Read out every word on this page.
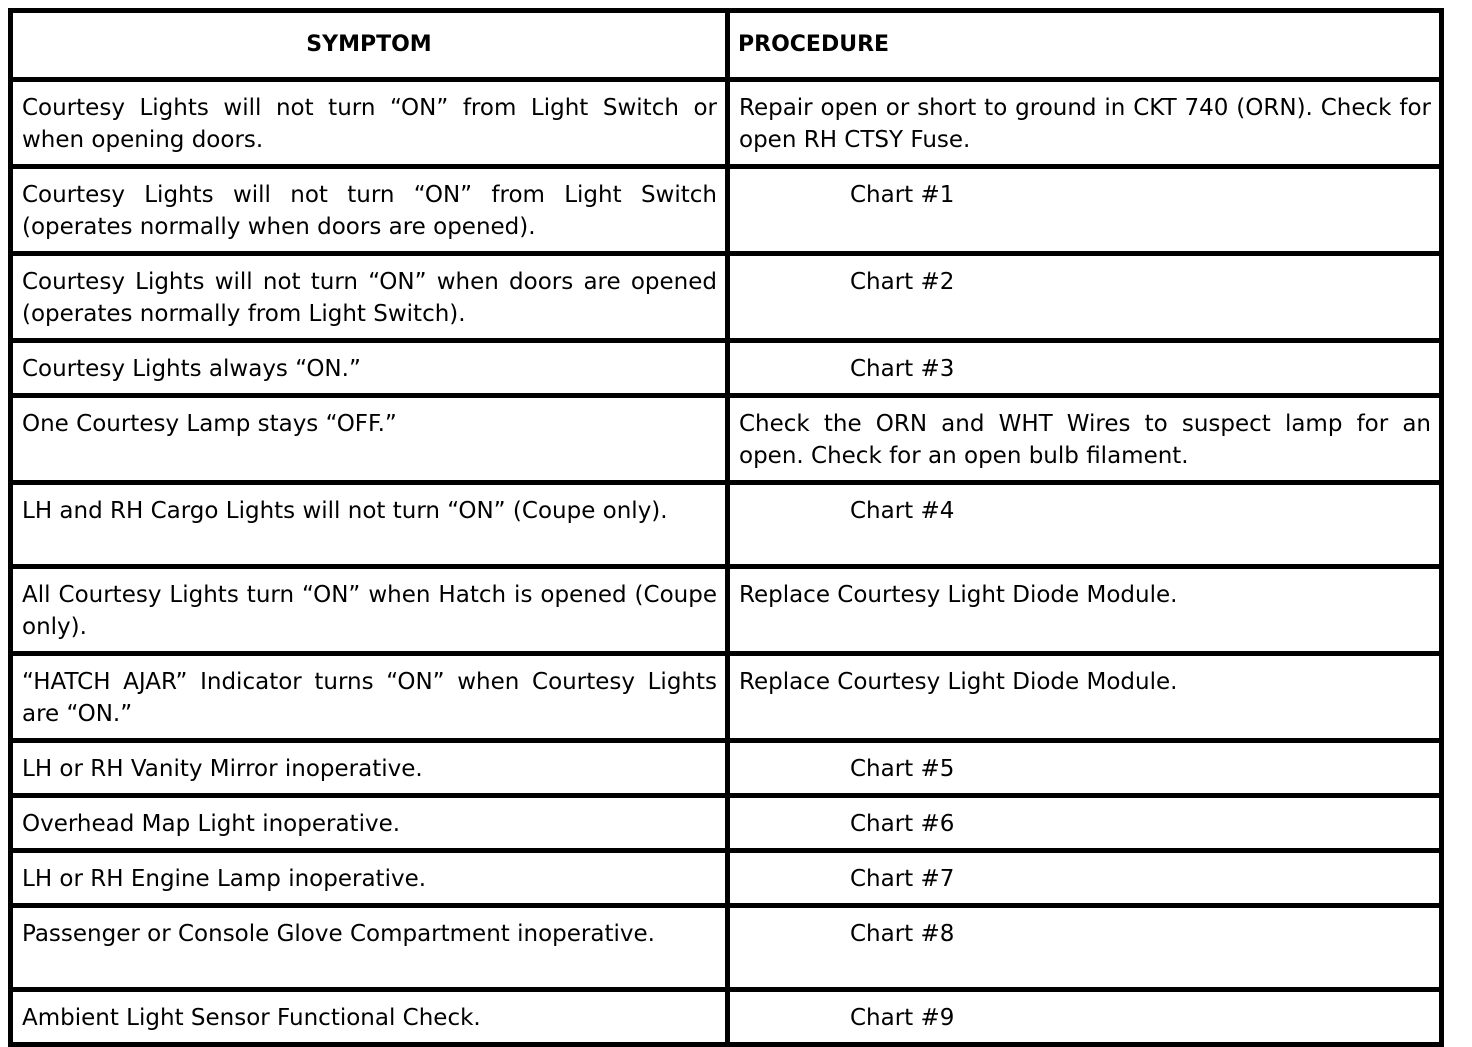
SYMPTOM	PROCEDURE
Courtesy Lights will not turn “ON” from Light Switch or when opening doors.	Repair open or short to ground in CKT 740 (ORN). Check for open RH CTSY Fuse.
Courtesy Lights will not turn “ON” from Light Switch (operates normally when doors are opened).	Chart #1
Courtesy Lights will not turn “ON” when doors are opened (operates normally from Light Switch).	Chart #2
Courtesy Lights always “ON.”	Chart #3
One Courtesy Lamp stays “OFF.”	Check the ORN and WHT Wires to suspect lamp for an open. Check for an open bulb filament.
LH and RH Cargo Lights will not turn “ON” (Coupe only).	Chart #4
All Courtesy Lights turn “ON” when Hatch is opened (Coupe only).	Replace Courtesy Light Diode Module.
“HATCH AJAR” Indicator turns “ON” when Courtesy Lights are “ON.”	Replace Courtesy Light Diode Module.
LH or RH Vanity Mirror inoperative.	Chart #5
Overhead Map Light inoperative.	Chart #6
LH or RH Engine Lamp inoperative.	Chart #7
Passenger or Console Glove Compartment inoperative.	Chart #8
Ambient Light Sensor Functional Check.	Chart #9
